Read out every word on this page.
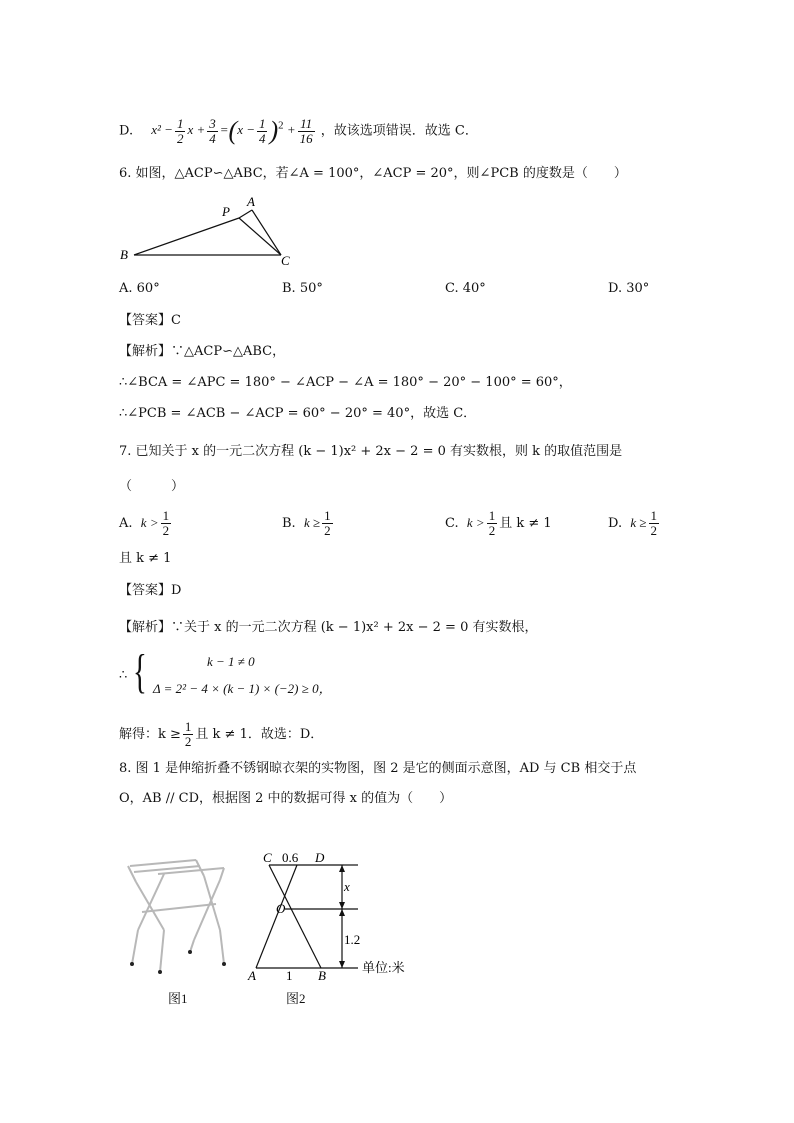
D. $x^2 - \frac{1}{2}$ $x + \frac{3}{4} =(x - \frac{1}{4} )^2 + \frac{11}{16}$ ，故该选项错误．故选 C．
6. 如图，△ACP∽△ABC，若∠A = 100°，∠ACP = 20°，则∠PCB 的度数是（　　）
P
A
B	C
A. 60°	B. 50°	C. 40°	D. 30°
【答案】C
【解析】∵△ACP∽△ABC，
∴∠BCA = ∠APC = 180° − ∠ACP − ∠A = 180° − 20° − 100° = 60°，
∴∠PCB = ∠ACB − ∠ACP = 60° − 20° = 40°，故选 C．
7. 已知关于 x 的一元二次方程 (k − 1)x² + 2x − 2 = 0 有实数根，则 k 的取值范围是
（　　　）
A. $k > \frac{1}{2}$	B. $k \ge \frac{1}{2}$	C. $k > \frac{1}{2}$ 且 k ≠ 1	D. $k \ge \frac{1}{2}$
且 k ≠ 1
【答案】D
【解析】∵关于 x 的一元二次方程 (k − 1)x² + 2x − 2 = 0 有实数根，
∴ {	k − 1 ≠ 0
Δ = 2² − 4 × (k − 1) × (−2) ≥ 0，
解得：$k \ge \frac{1}{2}$ 且 k ≠ 1．故选：D．
8. 图 1 是伸缩折叠不锈钢晾衣架的实物图，图 2 是它的侧面示意图，AD 与 CB 相交于点
O，AB // CD，根据图 2 中的数据可得 x 的值为（　　）
图1
C 0.6 D
x
O
1.2
A 1 B
单位:米
图2
